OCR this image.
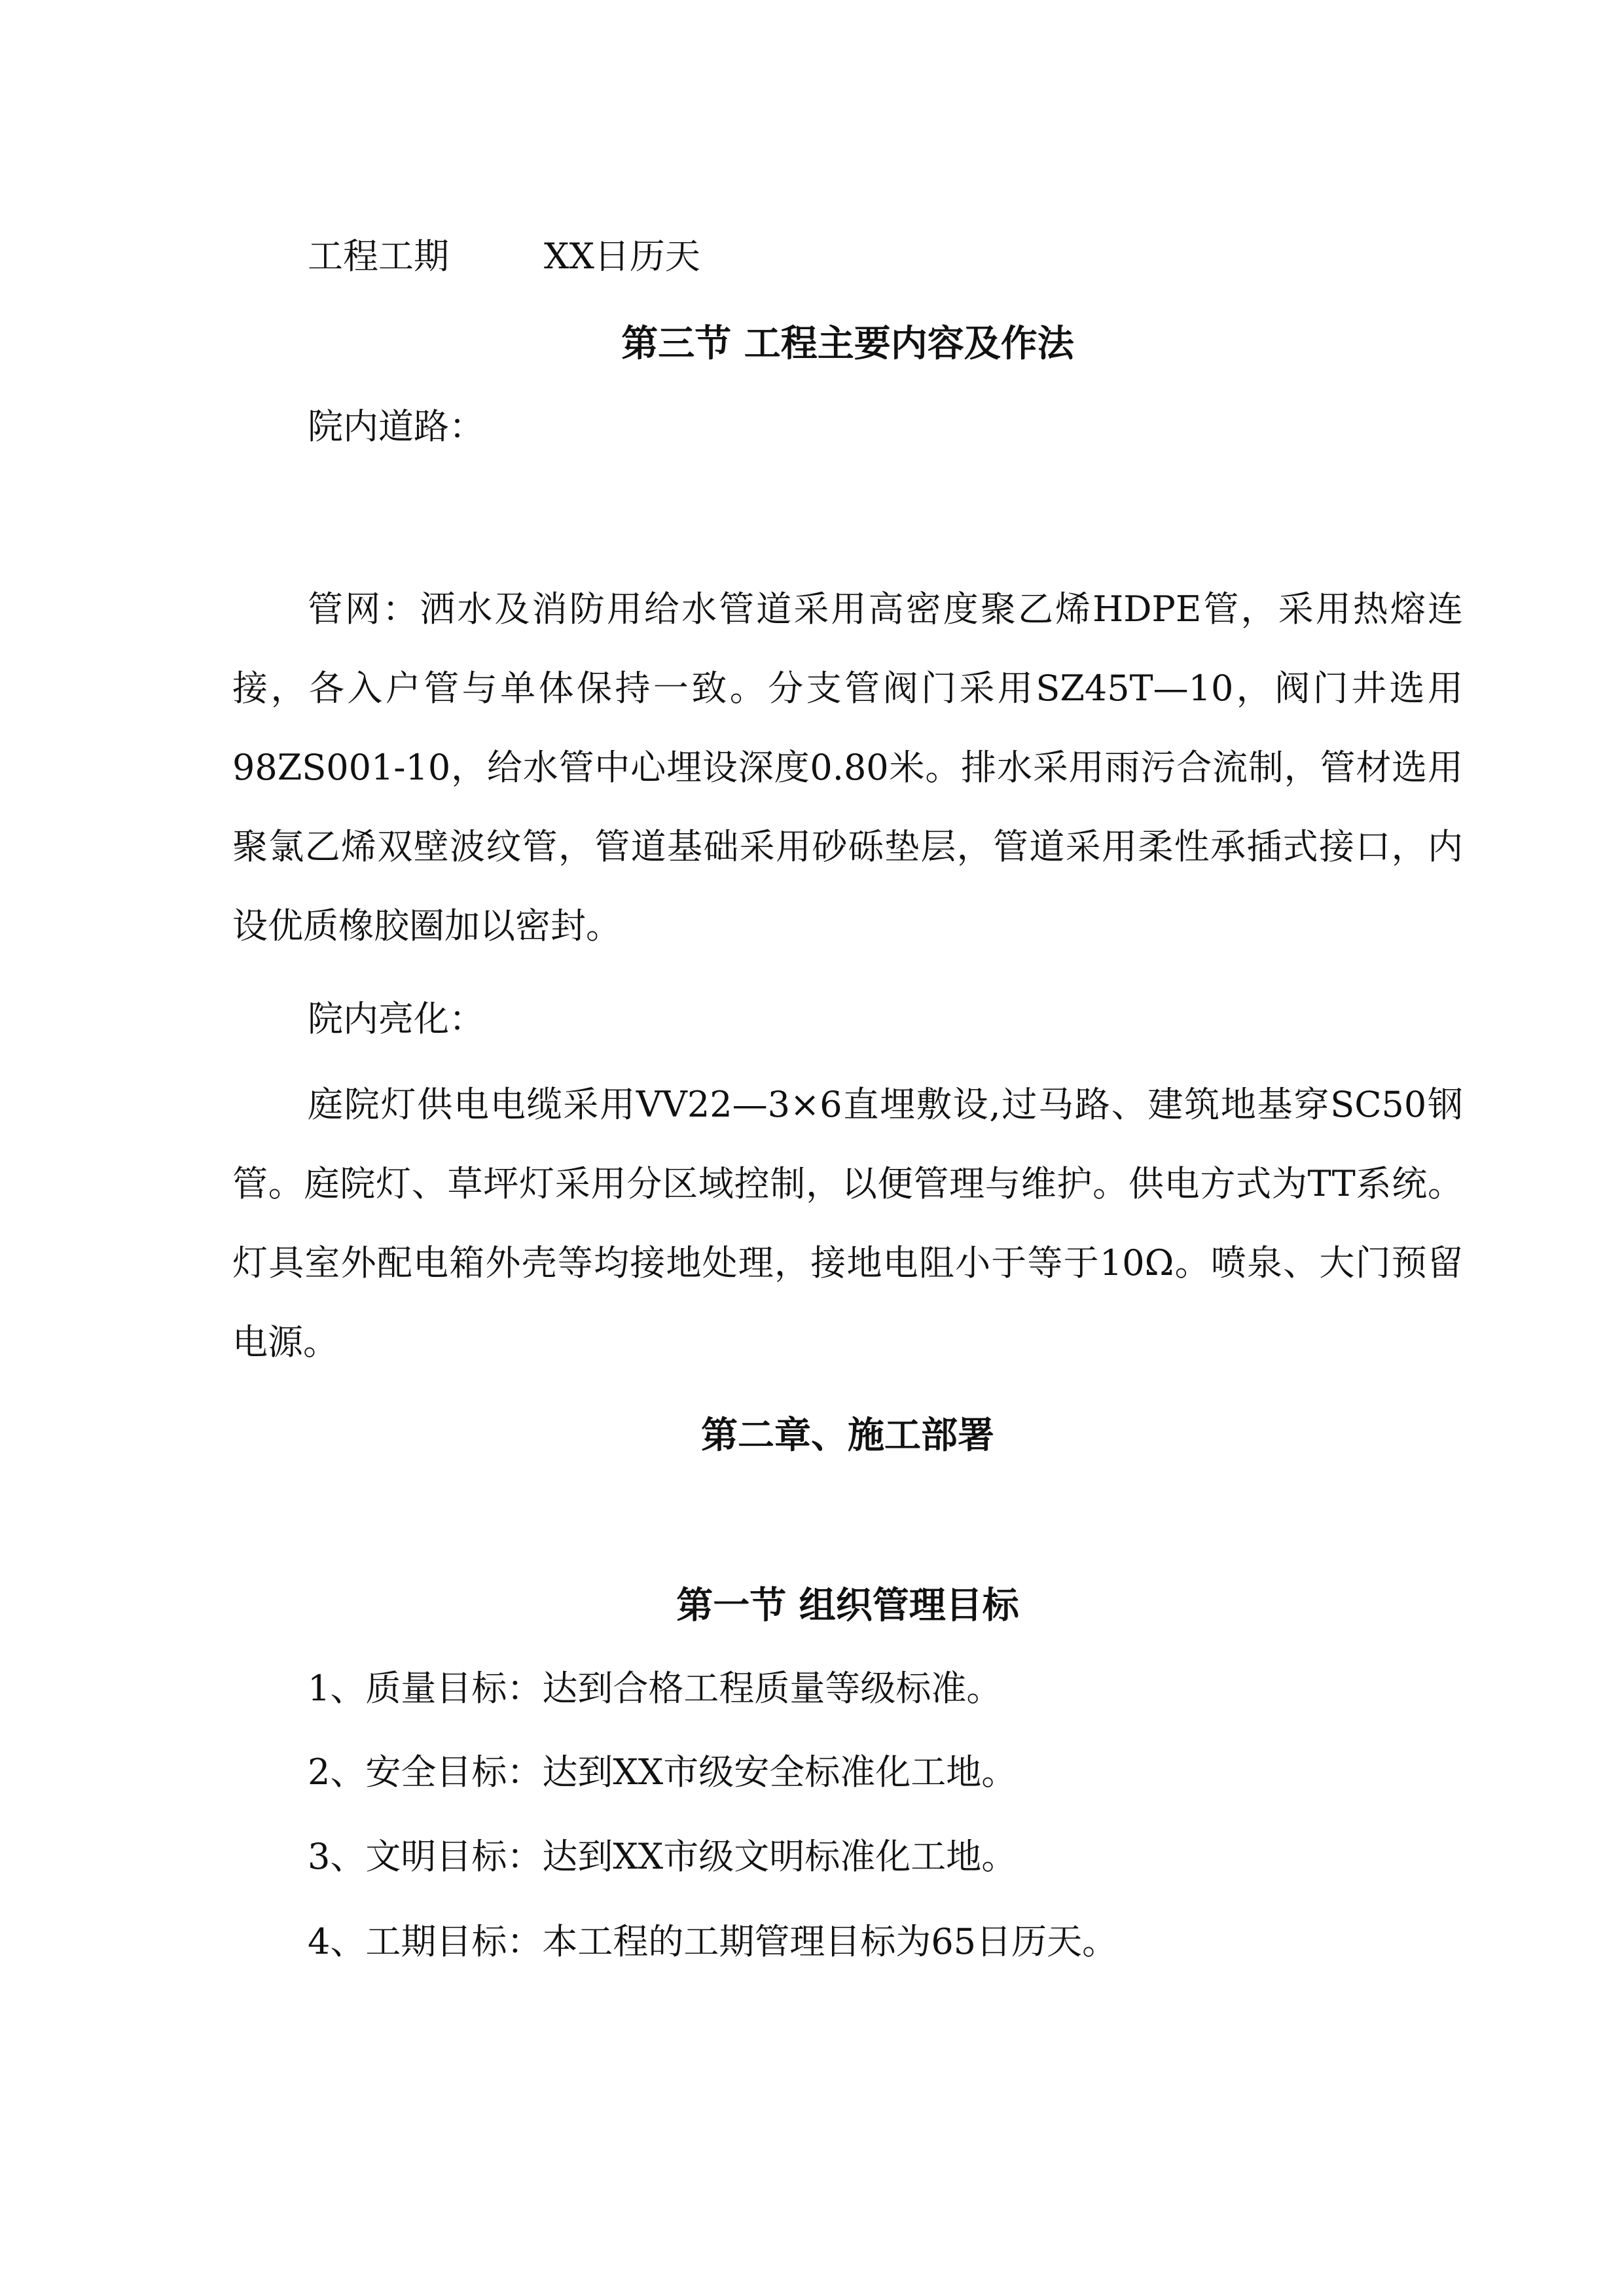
工程工期	XX日历天
第三节 工程主要内容及作法
院内道路：
管网：洒水及消防用给水管道采用高密度聚乙烯HDPE管，采用热熔连接，各入户管与单体保持一致。分支管阀门采用SZ45T—10，阀门井选用98ZS001-10，给水管中心埋设深度0.80米。排水采用雨污合流制，管材选用聚氯乙烯双壁波纹管，管道基础采用砂砾垫层，管道采用柔性承插式接口，内设优质橡胶圈加以密封。
院内亮化：
庭院灯供电电缆采用VV22—3×6直埋敷设,过马路、建筑地基穿SC50钢管。庭院灯、草坪灯采用分区域控制，以便管理与维护。供电方式为TT系统。灯具室外配电箱外壳等均接地处理，接地电阻小于等于10Ω。喷泉、大门预留电源。
第二章、施工部署
第一节 组织管理目标
1、质量目标：达到合格工程质量等级标准。
2、安全目标：达到XX市级安全标准化工地。
3、文明目标：达到XX市级文明标准化工地。
4、工期目标：本工程的工期管理目标为65日历天。
